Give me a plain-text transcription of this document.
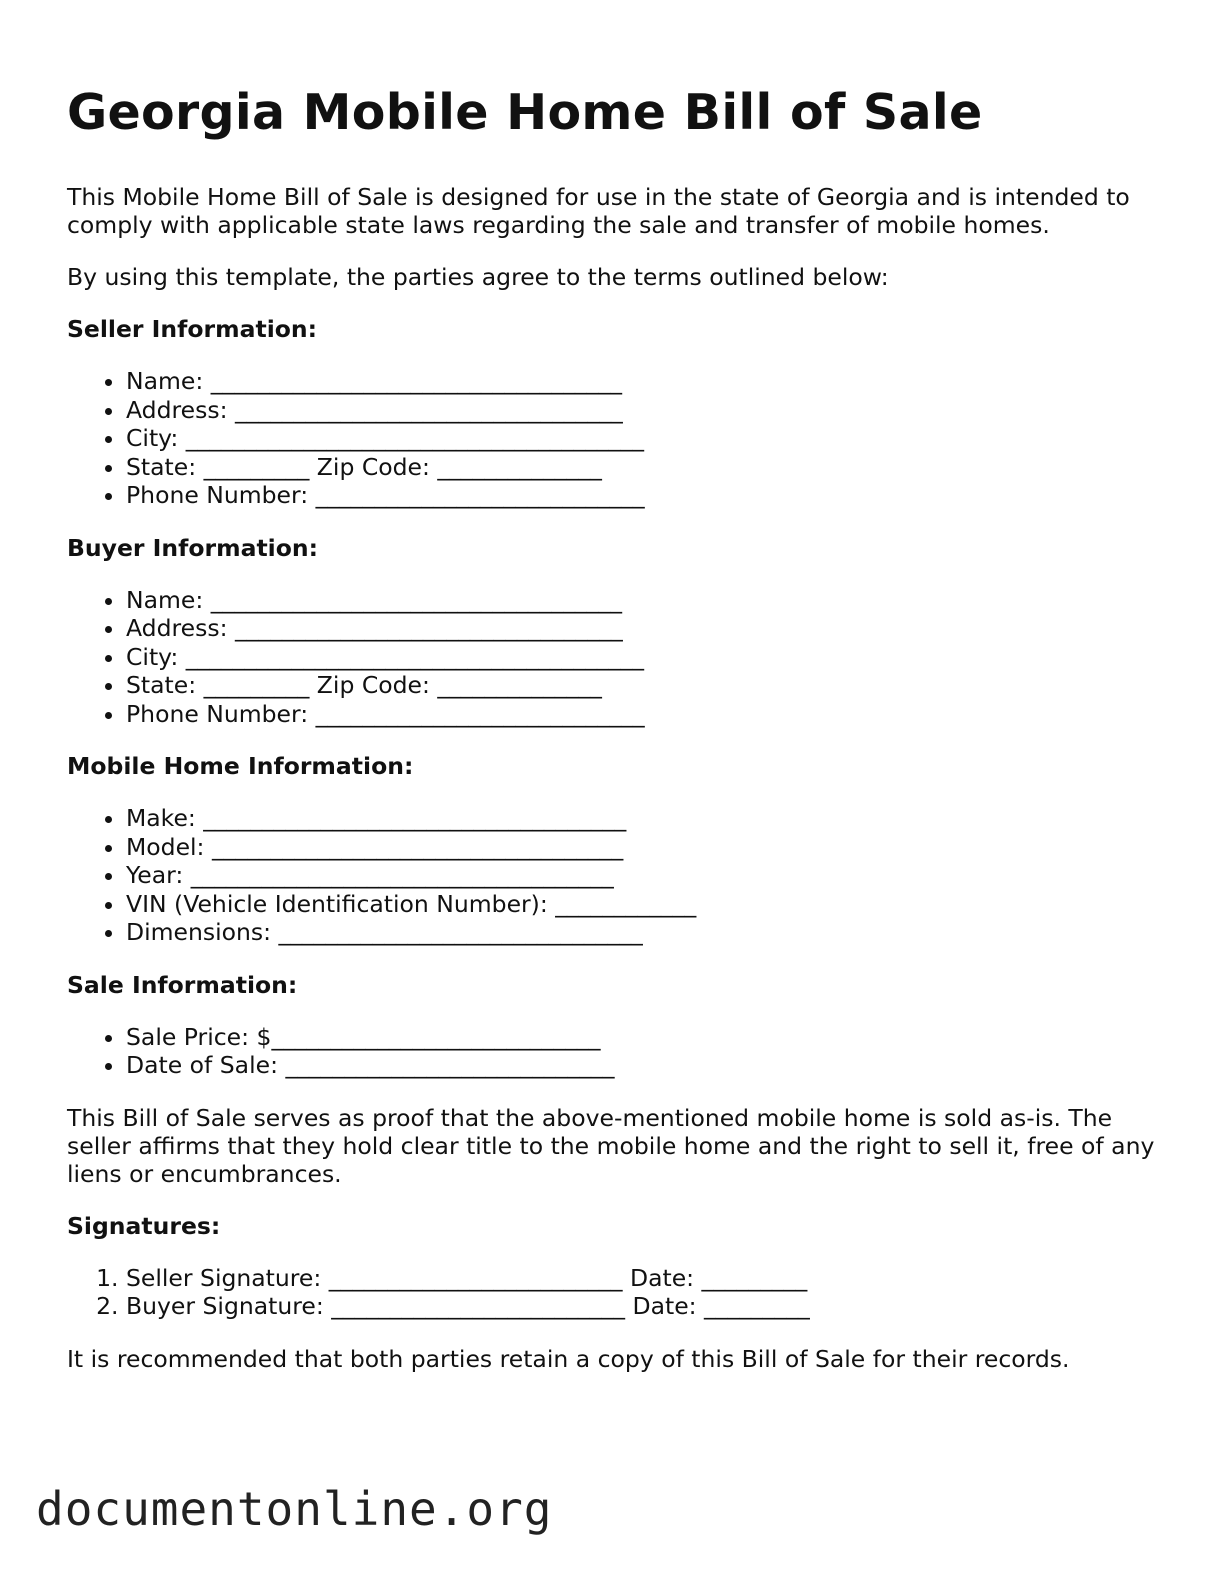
Georgia Mobile Home Bill of Sale

This Mobile Home Bill of Sale is designed for use in the state of Georgia and is intended to comply with applicable state laws regarding the sale and transfer of mobile homes.

By using this template, the parties agree to the terms outlined below:

Seller Information:
• Name: ___________________________________
• Address: _________________________________
• City: _______________________________________
• State: _________ Zip Code: ______________
• Phone Number: ____________________________
Buyer Information:
• Name: ___________________________________
• Address: _________________________________
• City: _______________________________________
• State: _________ Zip Code: ______________
• Phone Number: ____________________________
Mobile Home Information:
• Make: ____________________________________
• Model: ___________________________________
• Year: ____________________________________
• VIN (Vehicle Identification Number): ____________
• Dimensions: _______________________________
Sale Information:
• Sale Price: $____________________________
• Date of Sale: ____________________________

This Bill of Sale serves as proof that the above-mentioned mobile home is sold as-is. The seller affirms that they hold clear title to the mobile home and the right to sell it, free of any liens or encumbrances.

Signatures:
1. Seller Signature: _________________________ Date: _________
2. Buyer Signature: _________________________ Date: _________

It is recommended that both parties retain a copy of this Bill of Sale for their records.

documentonline.org
